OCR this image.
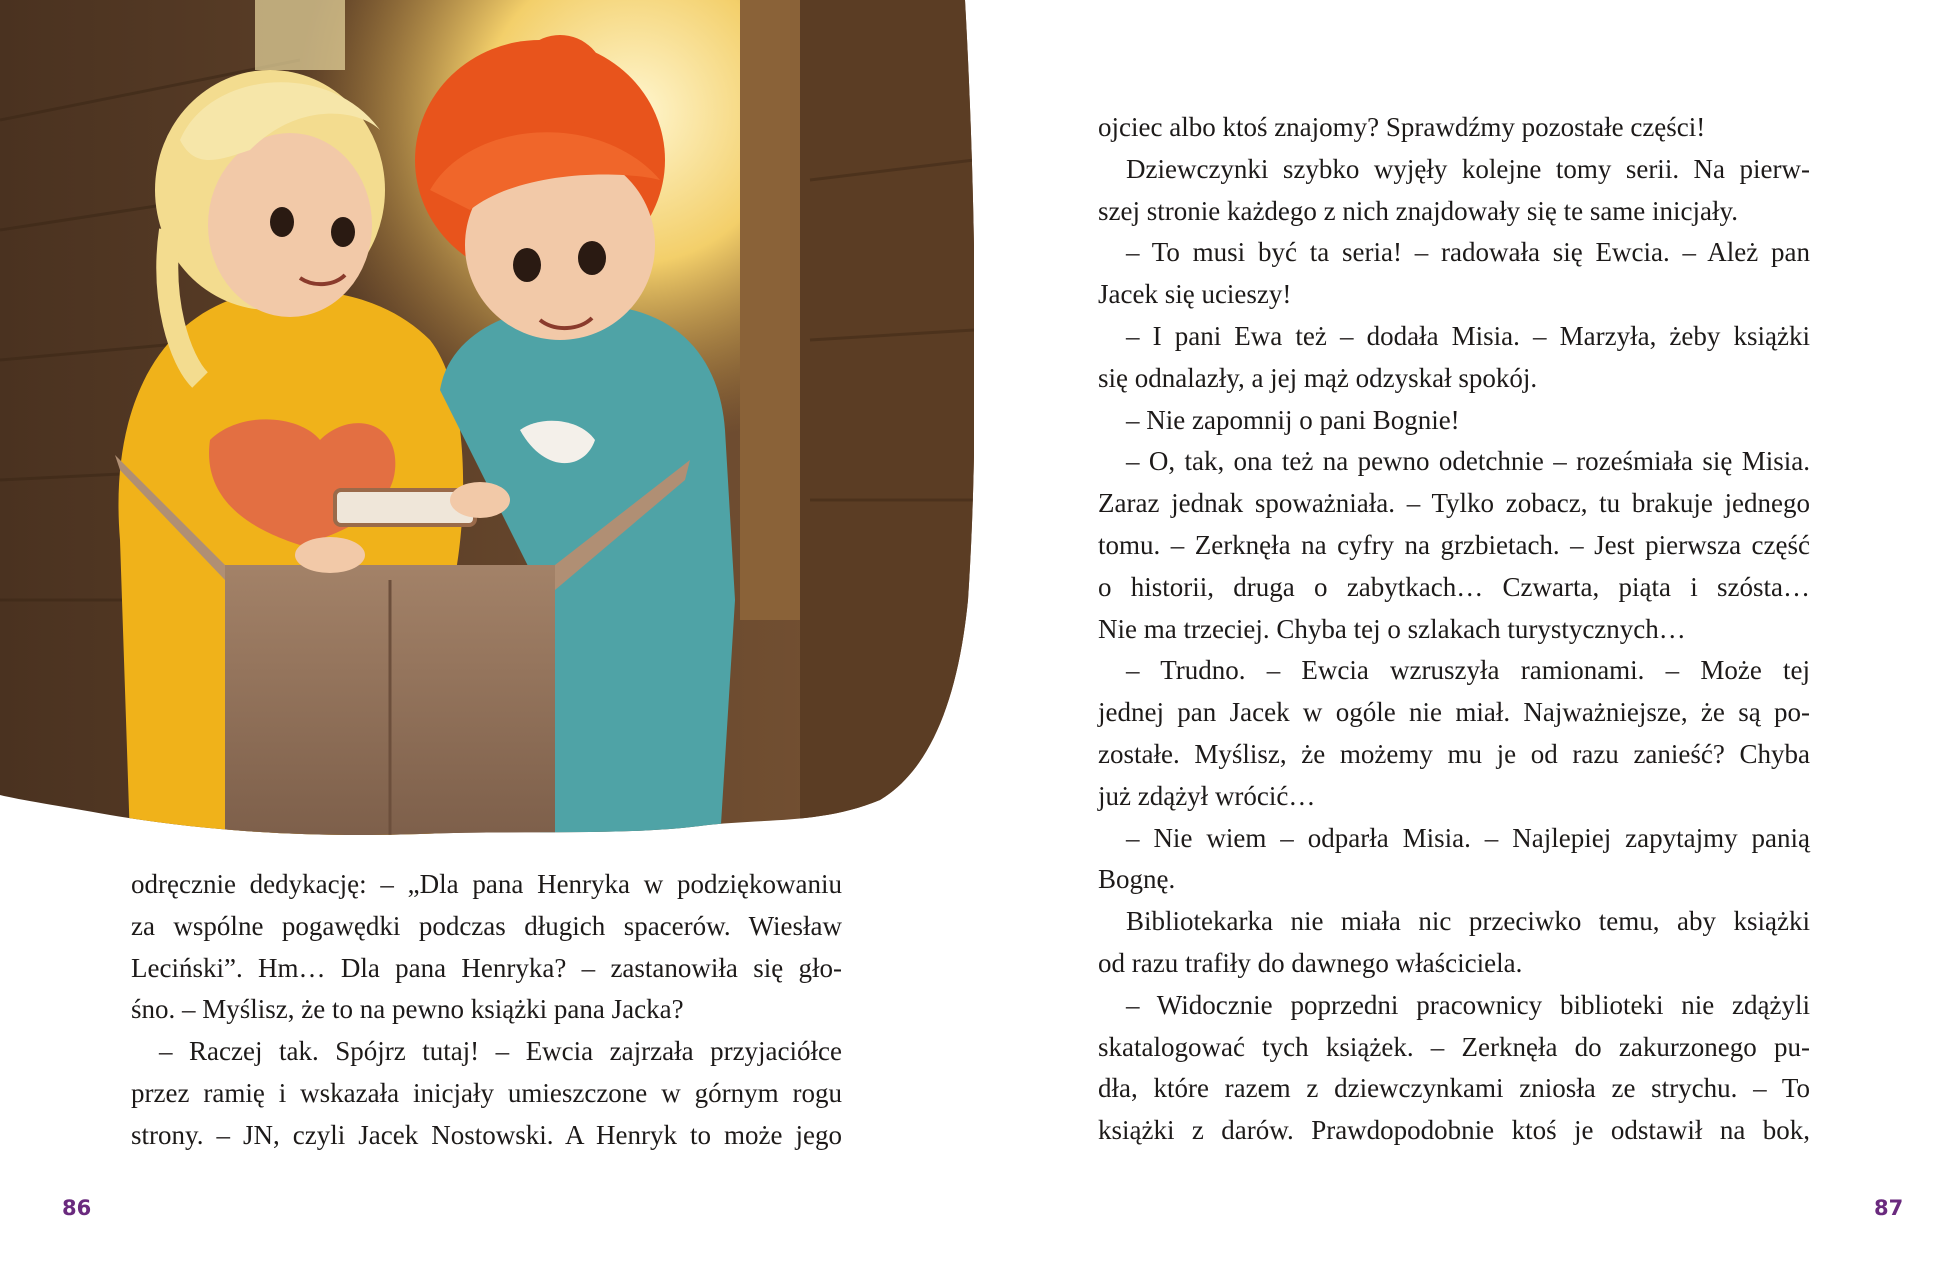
odręcznie dedykację: – „Dla pana Henryka w podziękowaniu
za wspólne pogawędki podczas długich spacerów. Wiesław
Leciński”. Hm… Dla pana Henryka? – zastanowiła się gło-
śno. – Myślisz, że to na pewno książki pana Jacka?
– Raczej tak. Spójrz tutaj! – Ewcia zajrzała przyjaciółce
przez ramię i wskazała inicjały umieszczone w górnym rogu
strony. – JN, czyli Jacek Nostowski. A Henryk to może jego
86
ojciec albo ktoś znajomy? Sprawdźmy pozostałe części!
Dziewczynki szybko wyjęły kolejne tomy serii. Na pierw-
szej stronie każdego z nich znajdowały się te same inicjały.
– To musi być ta seria! – radowała się Ewcia. – Ależ pan
Jacek się ucieszy!
– I pani Ewa też – dodała Misia. – Marzyła, żeby książki
się odnalazły, a jej mąż odzyskał spokój.
– Nie zapomnij o pani Bognie!
– O, tak, ona też na pewno odetchnie – roześmiała się Misia.
Zaraz jednak spoważniała. – Tylko zobacz, tu brakuje jednego
tomu. – Zerknęła na cyfry na grzbietach. – Jest pierwsza część
o historii, druga o zabytkach… Czwarta, piąta i szósta…
Nie ma trzeciej. Chyba tej o szlakach turystycznych…
– Trudno. – Ewcia wzruszyła ramionami. – Może tej
jednej pan Jacek w ogóle nie miał. Najważniejsze, że są po-
zostałe. Myślisz, że możemy mu je od razu zanieść? Chyba
już zdążył wrócić…
– Nie wiem – odparła Misia. – Najlepiej zapytajmy panią
Bognę.
Bibliotekarka nie miała nic przeciwko temu, aby książki
od razu trafiły do dawnego właściciela.
– Widocznie poprzedni pracownicy biblioteki nie zdążyli
skatalogować tych książek. – Zerknęła do zakurzonego pu-
dła, które razem z dziewczynkami zniosła ze strychu. – To
książki z darów. Prawdopodobnie ktoś je odstawił na bok,
87
